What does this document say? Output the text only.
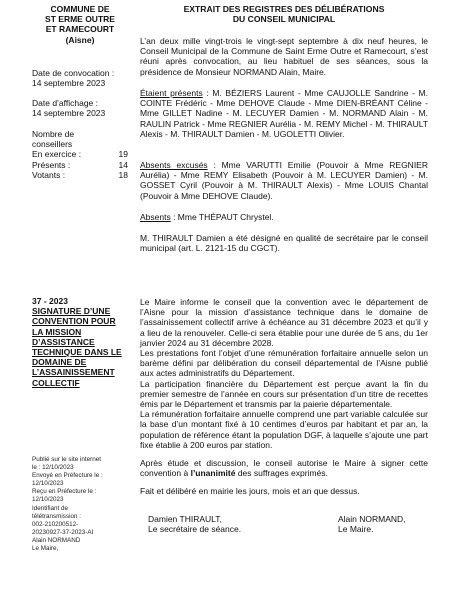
COMMUNE DE
ST ERME OUTRE
ET RAMECOURT
(Aisne)
Date de convocation :
14 septembre 2023
Date d’affichage :
14 septembre 2023
Nombre de
conseillers
En exercice :	19
Présents :	14
Votants :	18
37 - 2023
SIGNATURE D’UNE CONVENTION POUR LA MISSION D’ASSISTANCE TECHNIQUE DANS LE DOMAINE DE L’ASSAINISSEMENT COLLECTIF
Publié sur le site internet
le : 12/10/2023
Envoyé en Préfecture le :
12/10/2023
Reçu en Préfecture le :
12/10/2023
Identifiant de
télétransmission :
002-210200512-
20230927-37-2023-AI
Alain NORMAND
Le Maire,
EXTRAIT DES REGISTRES DES DÉLIBÉRATIONS
DU CONSEIL MUNICIPAL
L’an deux mille vingt-trois le vingt-sept septembre à dix neuf heures, le Conseil Municipal de la Commune de Saint Erme Outre et Ramecourt, s’est réuni après convocation, au lieu habituel de ses séances, sous la présidence de Monsieur NORMAND Alain, Maire.
Étaient présents : M. BÉZIERS Laurent - Mme CAUJOLLE Sandrine - M. COINTE Frédéric - Mme DEHOVE Claude - Mme DIEN-BRÉANT Céline - Mme GILLET Nadine - M. LECUYER Damien - M. NORMAND Alain - M. RAULIN Patrick - Mme REGNIER Aurélia - M. REMY Michel - M. THIRAULT Alexis - M. THIRAULT Damien - M. UGOLETTI Olivier.
Absents excusés : Mme VARUTTI Emilie (Pouvoir à Mme REGNIER Aurélia) - Mme REMY Elisabeth (Pouvoir à M. LECUYER Damien) - M. GOSSET Cyril (Pouvoir à M. THIRAULT Alexis) - Mme LOUIS Chantal (Pouvoir à Mme DEHOVE Claude).
Absents : Mme THÉPAUT Chrystel.
M. THIRAULT Damien a été désigné en qualité de secrétaire par le conseil municipal (art. L. 2121-15 du CGCT).

Le Maire informe le conseil que la convention avec le département de l’Aisne pour la mission d’assistance technique dans le domaine de l’assainissement collectif arrive à échéance au 31 décembre 2023 et qu’il y a lieu de la renouveler. Celle-ci sera établie pour une durée de 5 ans, du 1er janvier 2024 au 31 décembre 2028.

Les prestations font l’objet d’une rémunération forfaitaire annuelle selon un barème défini par délibération du conseil départemental de l’Aisne publié aux actes administratifs du Département.

La participation financière du Département est perçue avant la fin du premier semestre de l’année en cours sur présentation d’un titre de recettes émis par le Département et transmis par la paierie départementale.

La rémunération forfaitaire annuelle comprend une part variable calculée sur la base d’un montant fixé à 10 centimes d’euros par habitant et par an, la population de référence étant la population DGF, à laquelle s’ajoute une part fixe établie à 200 euros par station.

Après étude et discussion, le conseil autorise le Maire à signer cette convention à l’unanimité des suffrages exprimés.

Fait et délibéré en mairie les jours, mois et an que dessus.

Damien THIRAULT,
Le secrétaire de séance.
Alain NORMAND,
Le Maire.
